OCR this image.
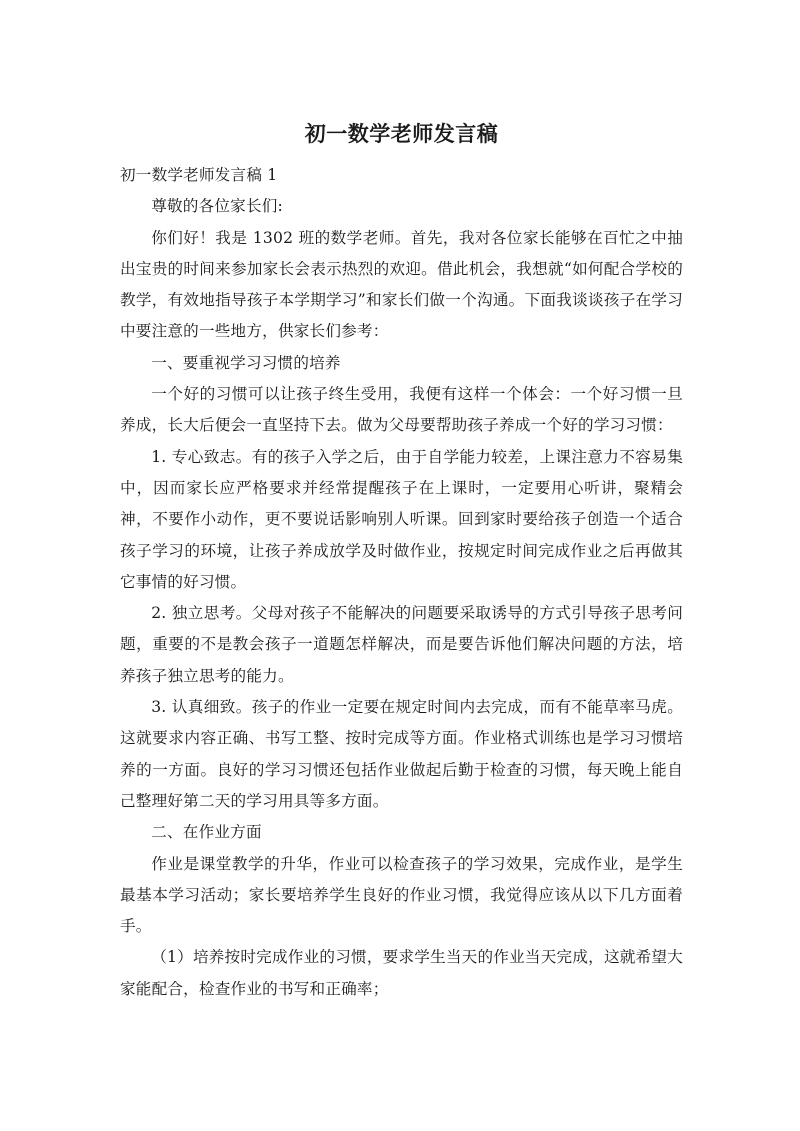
初一数学老师发言稿

初一数学老师发言稿 1

尊敬的各位家长们:

你们好！我是 1302 班的数学老师。首先，我对各位家长能够在百忙之中抽出宝贵的时间来参加家长会表示热烈的欢迎。借此机会，我想就“如何配合学校的教学，有效地指导孩子本学期学习”和家长们做一个沟通。下面我谈谈孩子在学习中要注意的一些地方，供家长们参考：

一、要重视学习习惯的培养

一个好的习惯可以让孩子终生受用，我便有这样一个体会：一个好习惯一旦养成，长大后便会一直坚持下去。做为父母要帮助孩子养成一个好的学习习惯：

1. 专心致志。有的孩子入学之后，由于自学能力较差，上课注意力不容易集中，因而家长应严格要求并经常提醒孩子在上课时，一定要用心听讲，聚精会神，不要作小动作，更不要说话影响别人听课。回到家时要给孩子创造一个适合孩子学习的环境，让孩子养成放学及时做作业，按规定时间完成作业之后再做其它事情的好习惯。

2. 独立思考。父母对孩子不能解决的问题要采取诱导的方式引导孩子思考问题，重要的不是教会孩子一道题怎样解决，而是要告诉他们解决问题的方法，培养孩子独立思考的能力。

3. 认真细致。孩子的作业一定要在规定时间内去完成，而有不能草率马虎。这就要求内容正确、书写工整、按时完成等方面。作业格式训练也是学习习惯培养的一方面。良好的学习习惯还包括作业做起后勤于检查的习惯，每天晚上能自己整理好第二天的学习用具等多方面。

二、在作业方面

作业是课堂教学的升华，作业可以检查孩子的学习效果，完成作业，是学生最基本学习活动；家长要培养学生良好的作业习惯，我觉得应该从以下几方面着手。

（1）培养按时完成作业的习惯，要求学生当天的作业当天完成，这就希望大家能配合，检查作业的书写和正确率；
